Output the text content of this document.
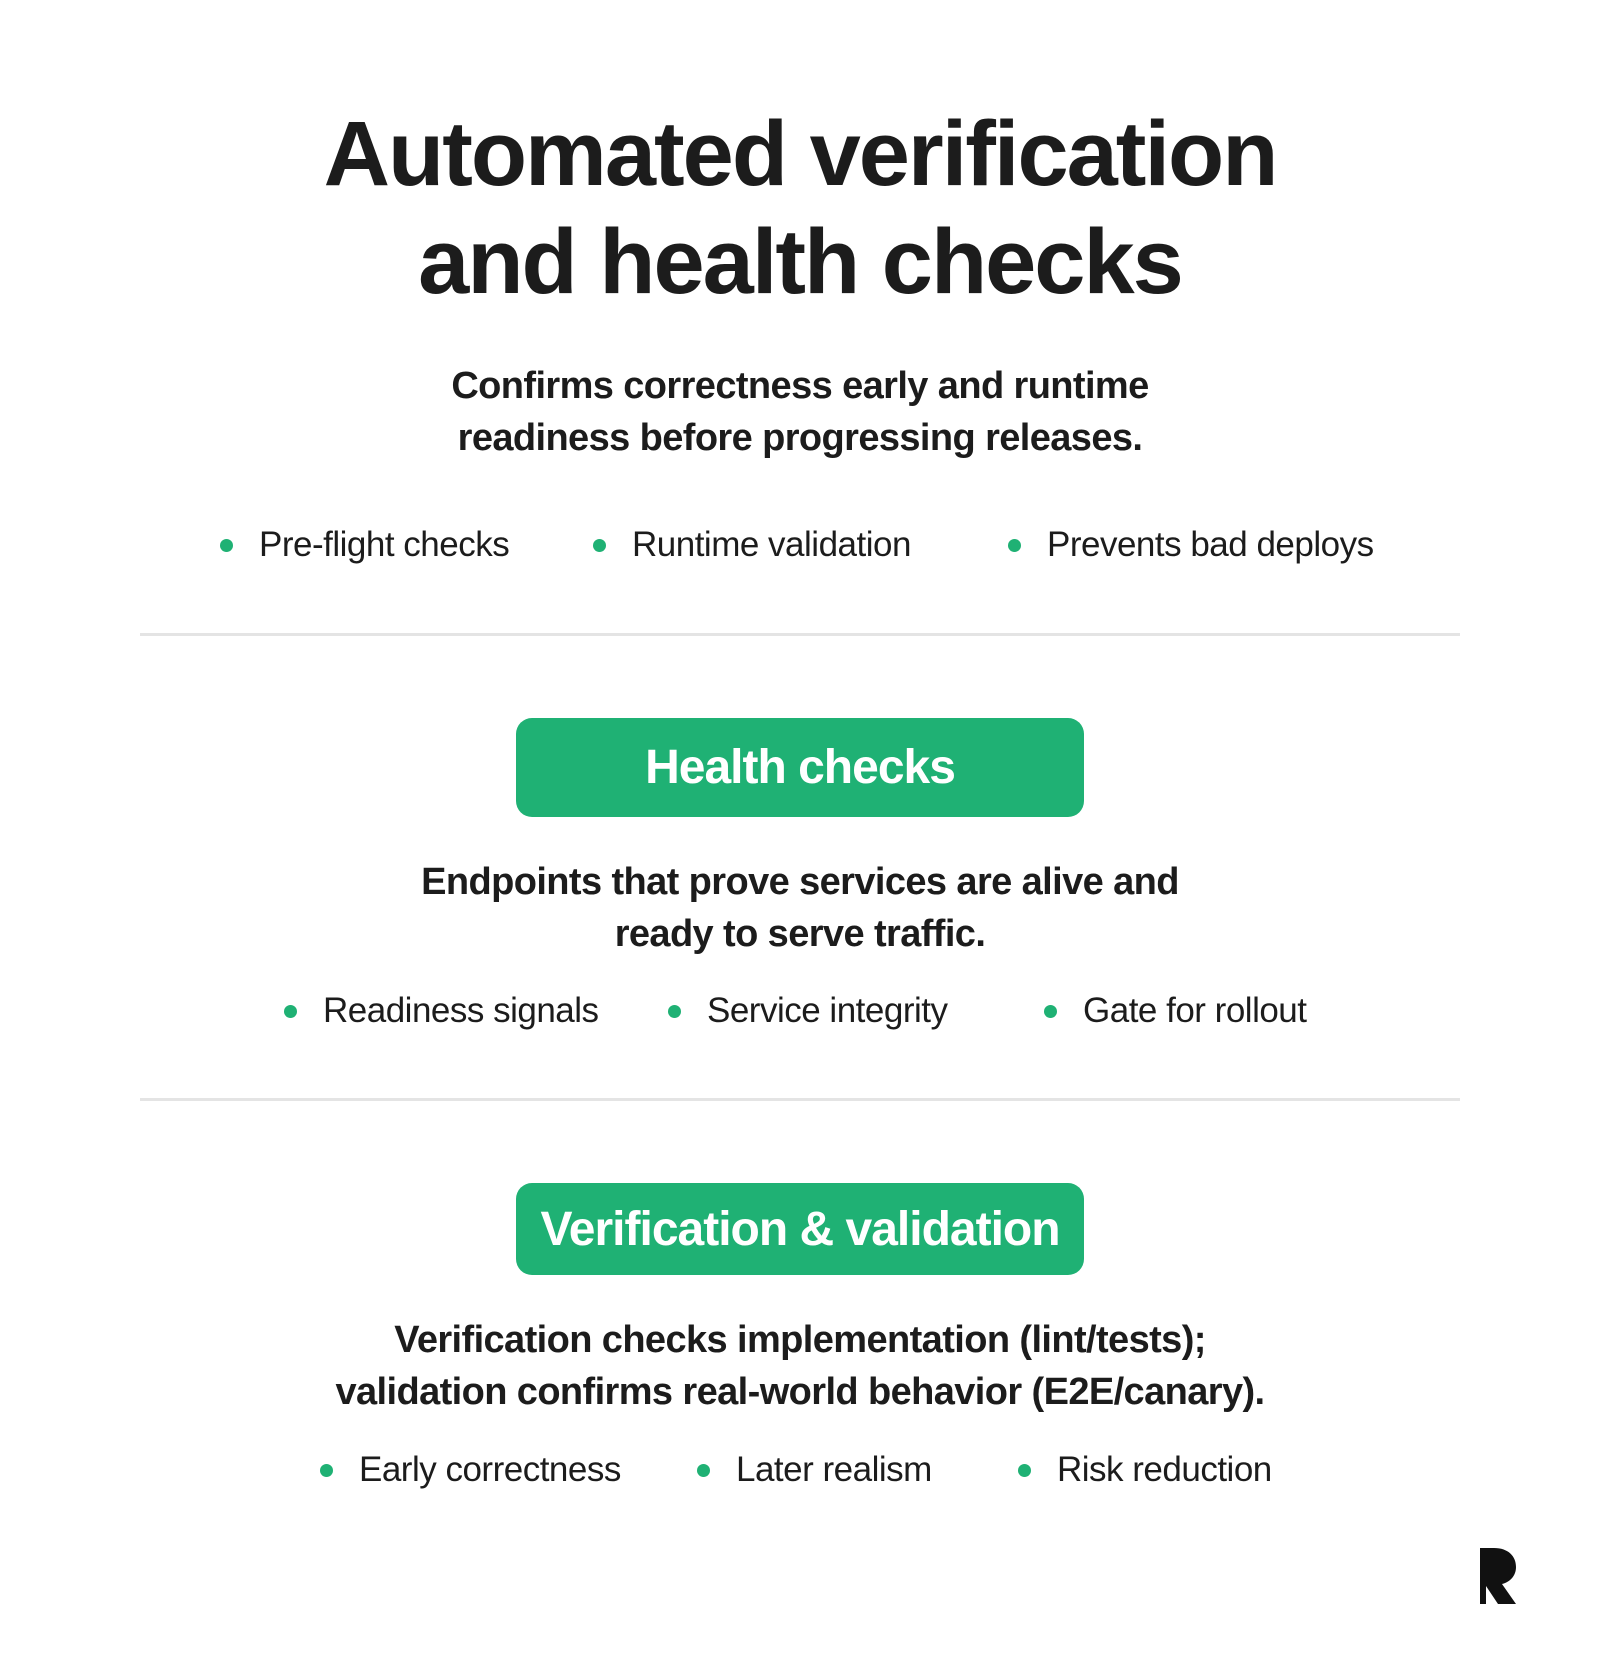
Automated verification
and health checks

Confirms correctness early and runtime
readiness before progressing releases.

Pre-flight checks	Runtime validation	Prevents bad deploys
Health checks

Endpoints that prove services are alive and
ready to serve traffic.

Readiness signals	Service integrity	Gate for rollout
Verification & validation

Verification checks implementation (lint/tests);
validation confirms real-world behavior (E2E/canary).

Early correctness	Later realism	Risk reduction
